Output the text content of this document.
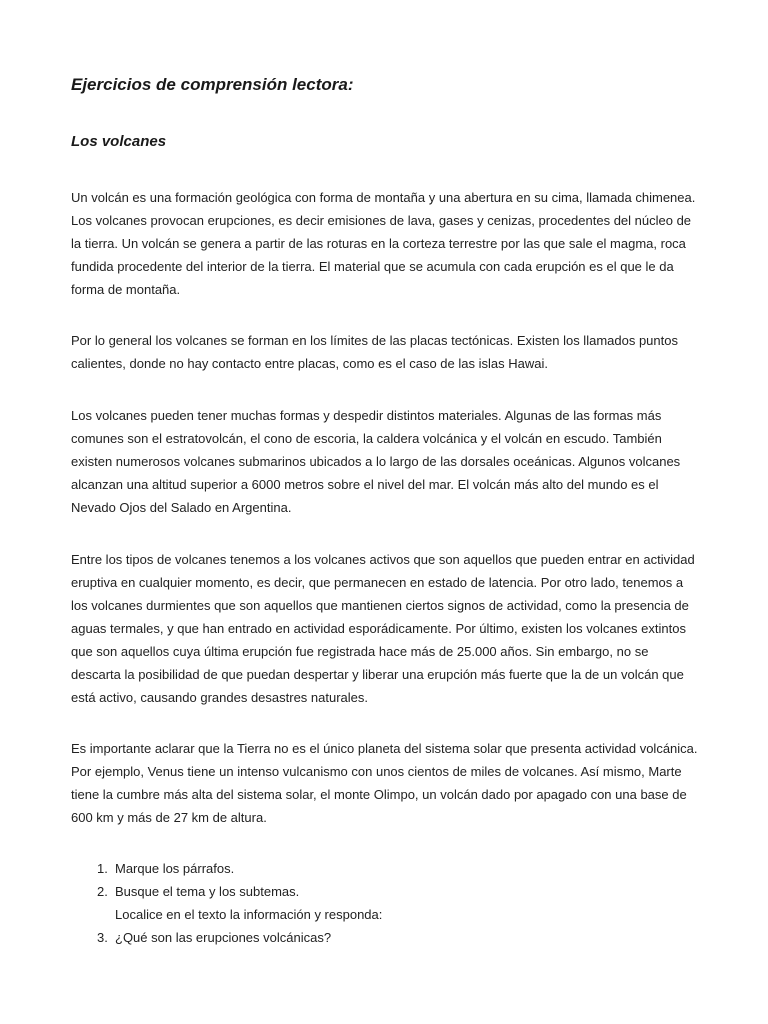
Ejercicios de comprensión lectora:
Los volcanes

Un volcán es una formación geológica con forma de montaña y una abertura en su cima, llamada chimenea. Los volcanes provocan erupciones, es decir emisiones de lava, gases y cenizas, procedentes del núcleo de la tierra. Un volcán se genera a partir de las roturas en la corteza terrestre por las que sale el magma, roca fundida procedente del interior de la tierra. El material que se acumula con cada erupción es el que le da forma de montaña.

Por lo general los volcanes se forman en los límites de las placas tectónicas. Existen los llamados puntos calientes, donde no hay contacto entre placas, como es el caso de las islas Hawai.

Los volcanes pueden tener muchas formas y despedir distintos materiales. Algunas de las formas más comunes son el estratovolcán, el cono de escoria, la caldera volcánica y el volcán en escudo. También existen numerosos volcanes submarinos ubicados a lo largo de las dorsales oceánicas. Algunos volcanes alcanzan una altitud superior a 6000 metros sobre el nivel del mar. El volcán más alto del mundo es el Nevado Ojos del Salado en Argentina.

Entre los tipos de volcanes tenemos a los volcanes activos que son aquellos que pueden entrar en actividad eruptiva en cualquier momento, es decir, que permanecen en estado de latencia. Por otro lado, tenemos a los volcanes durmientes que son aquellos que mantienen ciertos signos de actividad, como la presencia de aguas termales, y que han entrado en actividad esporádicamente. Por último, existen los volcanes extintos que son aquellos cuya última erupción fue registrada hace más de 25.000 años. Sin embargo, no se descarta la posibilidad de que puedan despertar y liberar una erupción más fuerte que la de un volcán que está activo, causando grandes desastres naturales.

Es importante aclarar que la Tierra no es el único planeta del sistema solar que presenta actividad volcánica. Por ejemplo, Venus tiene un intenso vulcanismo con unos cientos de miles de volcanes. Así mismo, Marte tiene la cumbre más alta del sistema solar, el monte Olimpo, un volcán dado por apagado con una base de 600 km y más de 27 km de altura.

1. Marque los párrafos.
2. Busque el tema y los subtemas.
Localice en el texto la información y responda:
3. ¿Qué son las erupciones volcánicas?
